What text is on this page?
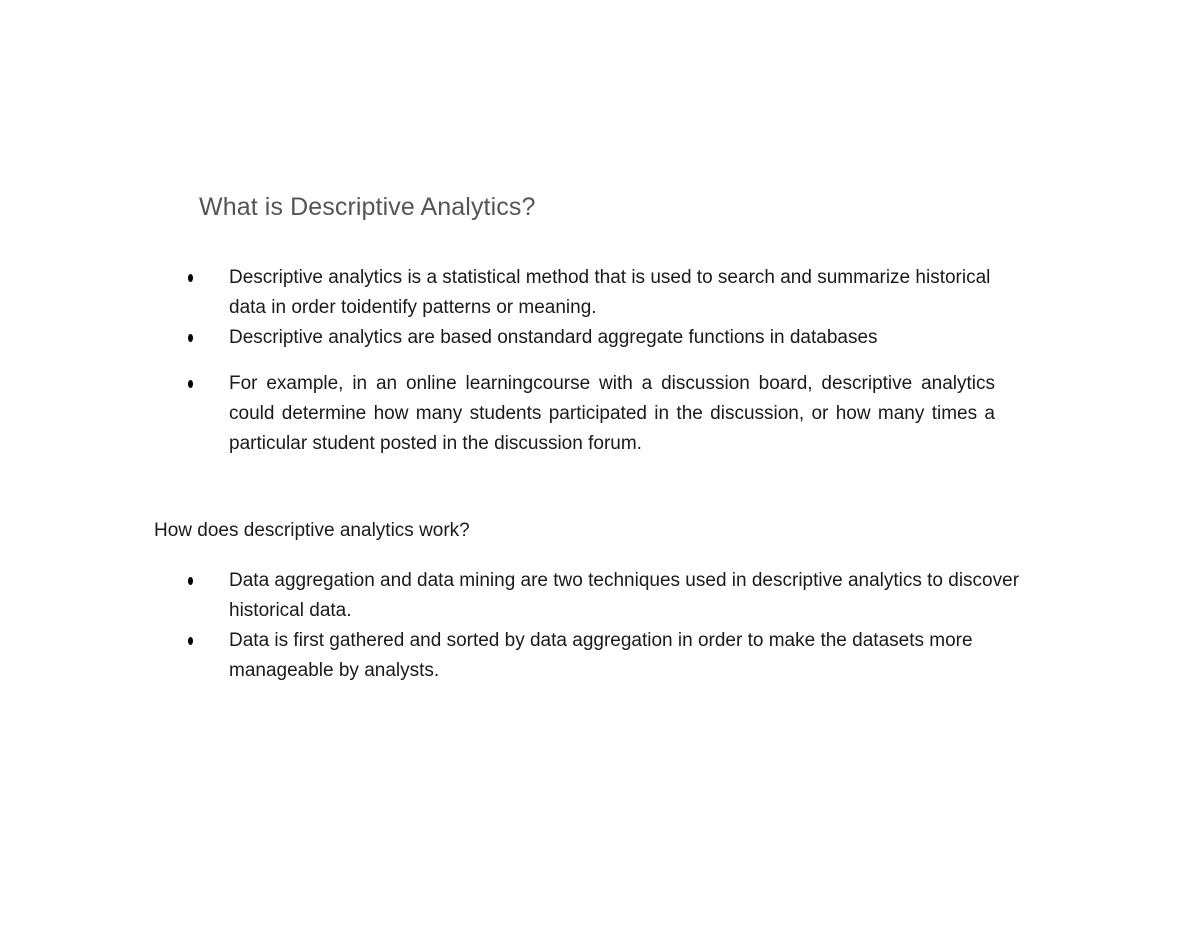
What is Descriptive Analytics?
Descriptive analytics is a statistical method that is used to search and summarize historical data in order toidentify patterns or meaning.
Descriptive analytics are based onstandard aggregate functions in databases
For example, in an online learningcourse with a discussion board, descriptive analytics could determine how many students participated in the discussion, or how many times a particular student posted in the discussion forum.
How does descriptive analytics work?
Data aggregation and data mining are two techniques used in descriptive analytics to discover historical data.
Data is first gathered and sorted by data aggregation in order to make the datasets more manageable by analysts.
